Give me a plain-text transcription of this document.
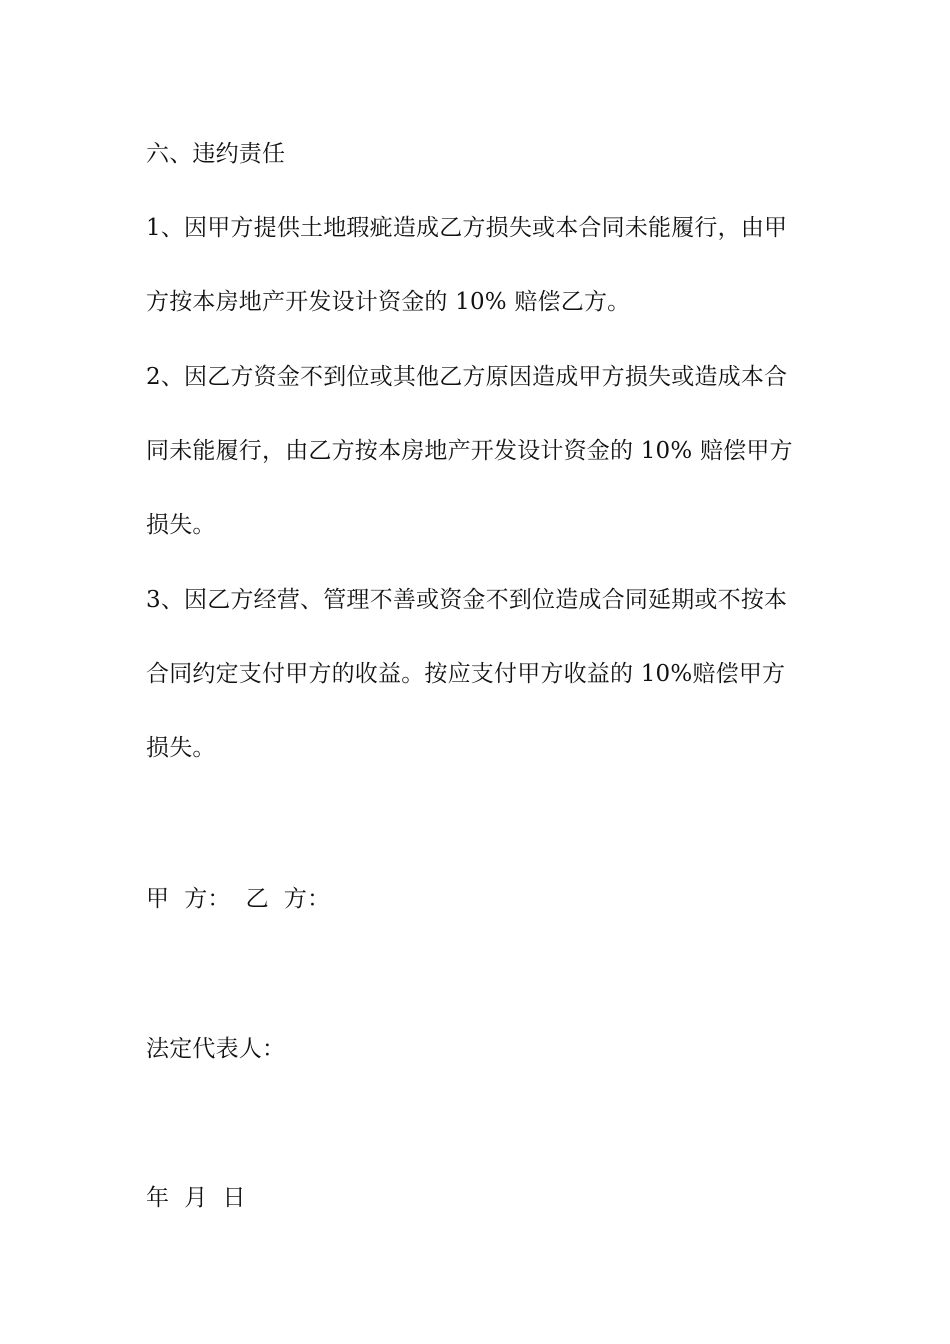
六、违约责任
1、因甲方提供土地瑕疵造成乙方损失或本合同未能履行，由甲
方按本房地产开发设计资金的 10% 赔偿乙方。
2、因乙方资金不到位或其他乙方原因造成甲方损失或造成本合
同未能履行，由乙方按本房地产开发设计资金的 10% 赔偿甲方
损失。
3、因乙方经营、管理不善或资金不到位造成合同延期或不按本
合同约定支付甲方的收益。按应支付甲方收益的 10%赔偿甲方
损失。
甲  方：  乙  方：
法定代表人：
年  月  日
